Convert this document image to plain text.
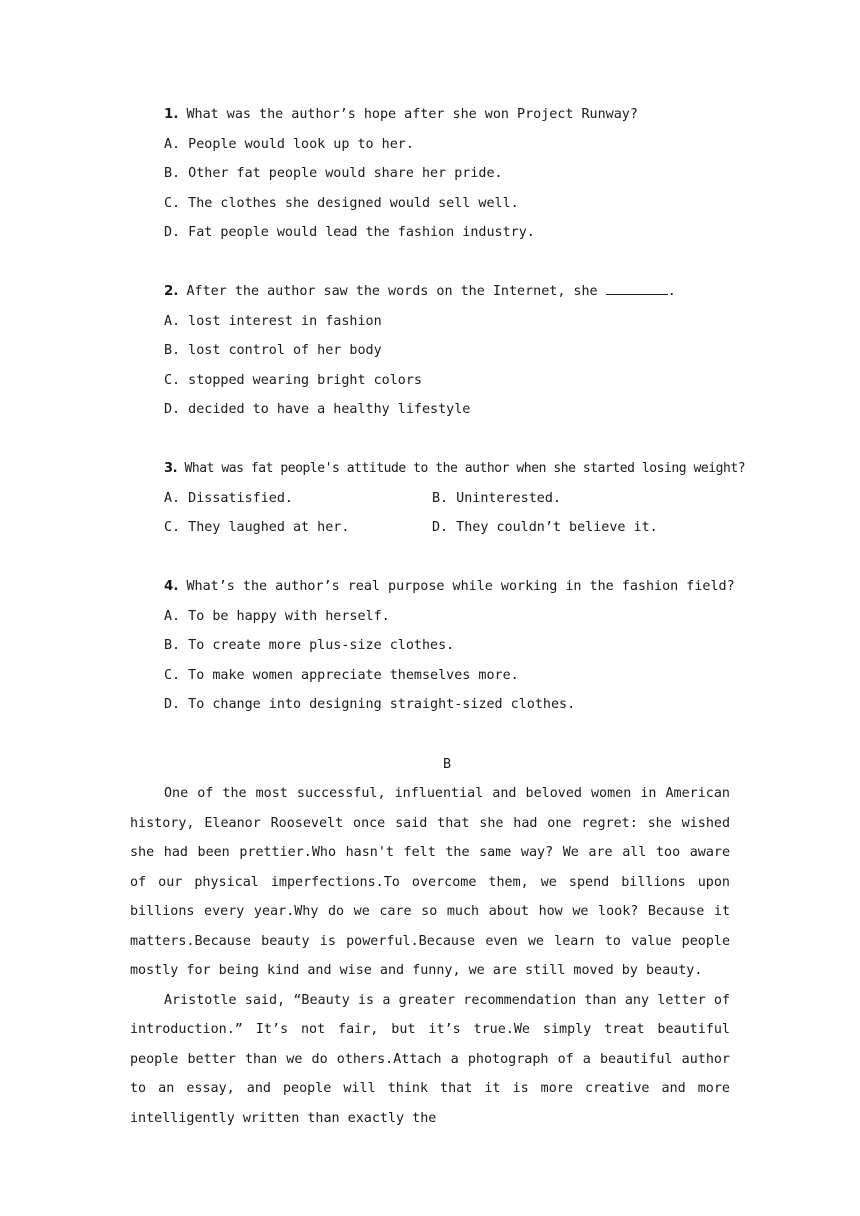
1. What was the author’s hope after she won Project Runway?
A. People would look up to her.
B. Other fat people would share her pride.
C. The clothes she designed would sell well.
D. Fat people would lead the fashion industry.
2. After the author saw the words on the Internet, she	.
A. lost interest in fashion
B. lost control of her body
C. stopped wearing bright colors
D. decided to have a healthy lifestyle
3. What was fat people's attitude to the author when she started losing weight?
A. Dissatisfied.	B. Uninterested.
C. They laughed at her.	D. They couldn’t believe it.
4. What’s the author’s real purpose while working in the fashion field?
A. To be happy with herself.
B. To create more plus-size clothes.
C. To make women appreciate themselves more.
D. To change into designing straight-sized clothes.
B

One of the most successful, influential and beloved women in American history, Eleanor Roosevelt once said that she had one regret: she wished she had been prettier.Who hasn't felt the same way? We are all too aware of our physical imperfections.To overcome them, we spend billions upon billions every year.Why do we care so much about how we look? Because it matters.Because beauty is powerful.Because even we learn to value people mostly for being kind and wise and funny, we are still moved by beauty.

Aristotle said, “Beauty is a greater recommendation than any letter of introduction.” It’s not fair, but it’s true.We simply treat beautiful people better than we do others.Attach a photograph of a beautiful author to an essay, and people will think that it is more creative and more intelligently written than exactly the
